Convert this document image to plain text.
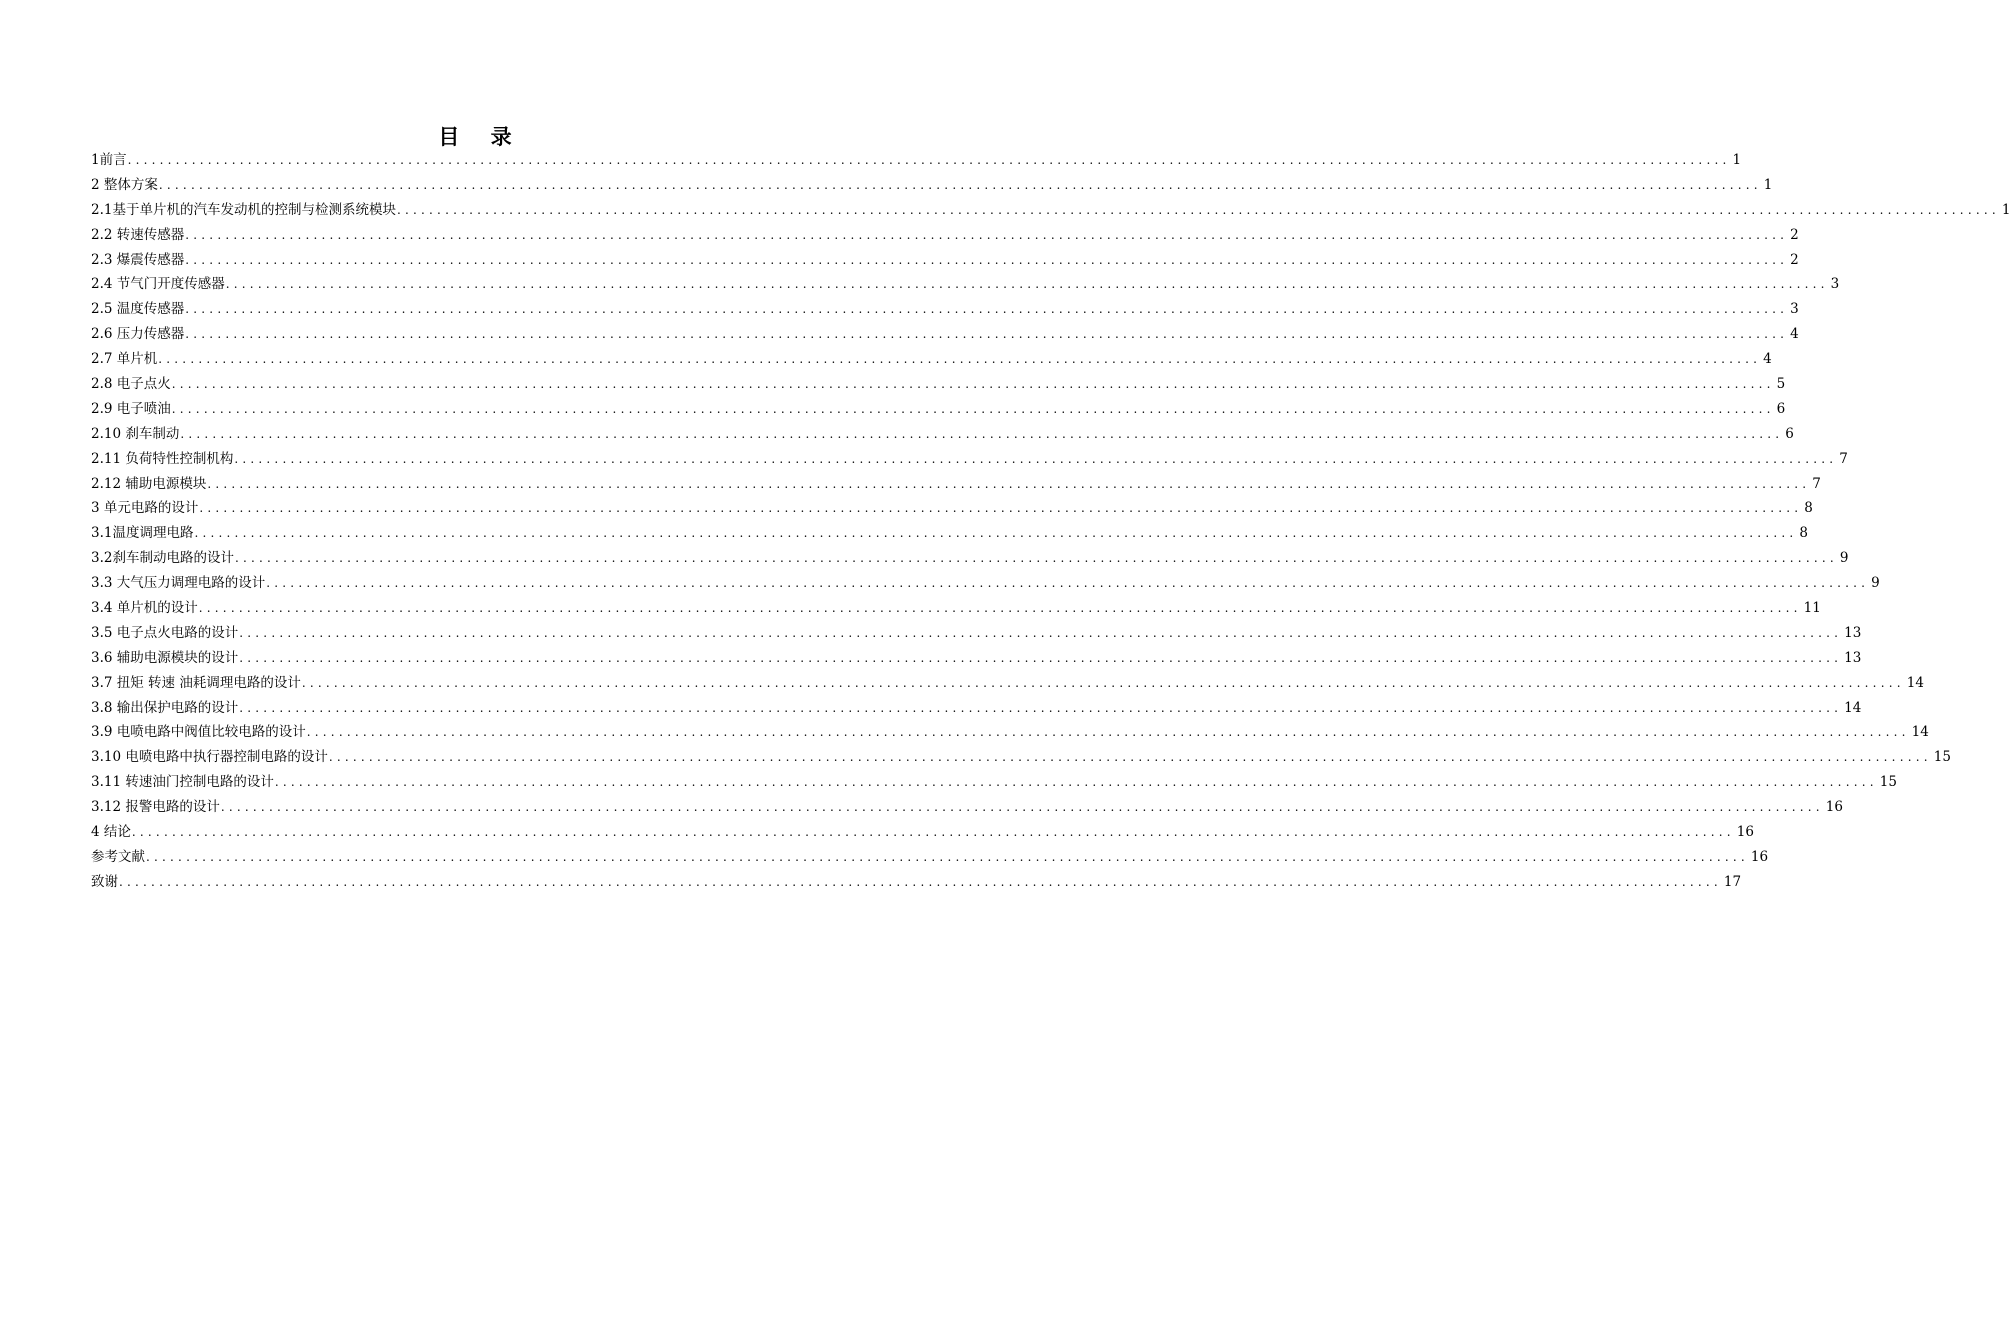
目 录
1前言 ........................................................................................................................................................................................................ 1
2 整体方案 ........................................................................................................................................................................................................ 1
2.1基于单片机的汽车发动机的控制与检测系统模块 ........................................................................................................................................................................................................ 1
2.2 转速传感器 ........................................................................................................................................................................................................ 2
2.3 爆震传感器 ........................................................................................................................................................................................................ 2
2.4 节气门开度传感器 ........................................................................................................................................................................................................ 3
2.5 温度传感器 ........................................................................................................................................................................................................ 3
2.6 压力传感器 ........................................................................................................................................................................................................ 4
2.7 单片机 ........................................................................................................................................................................................................ 4
2.8 电子点火 ........................................................................................................................................................................................................ 5
2.9 电子喷油 ........................................................................................................................................................................................................ 6
2.10 刹车制动 ........................................................................................................................................................................................................ 6
2.11 负荷特性控制机构 ........................................................................................................................................................................................................ 7
2.12 辅助电源模块 ........................................................................................................................................................................................................ 7
3 单元电路的设计 ........................................................................................................................................................................................................ 8
3.1温度调理电路 ........................................................................................................................................................................................................ 8
3.2刹车制动电路的设计 ........................................................................................................................................................................................................ 9
3.3 大气压力调理电路的设计 ........................................................................................................................................................................................................ 9
3.4 单片机的设计 ........................................................................................................................................................................................................ 11
3.5 电子点火电路的设计 ........................................................................................................................................................................................................ 13
3.6 辅助电源模块的设计 ........................................................................................................................................................................................................ 13
3.7 扭矩 转速 油耗调理电路的设计 ........................................................................................................................................................................................................ 14
3.8 输出保护电路的设计 ........................................................................................................................................................................................................ 14
3.9 电喷电路中阀值比较电路的设计 ........................................................................................................................................................................................................ 14
3.10 电喷电路中执行器控制电路的设计 ........................................................................................................................................................................................................ 15
3.11 转速油门控制电路的设计 ........................................................................................................................................................................................................ 15
3.12 报警电路的设计 ........................................................................................................................................................................................................ 16
4 结论 ........................................................................................................................................................................................................ 16
参考文献 ........................................................................................................................................................................................................ 16
致谢 ........................................................................................................................................................................................................ 17
